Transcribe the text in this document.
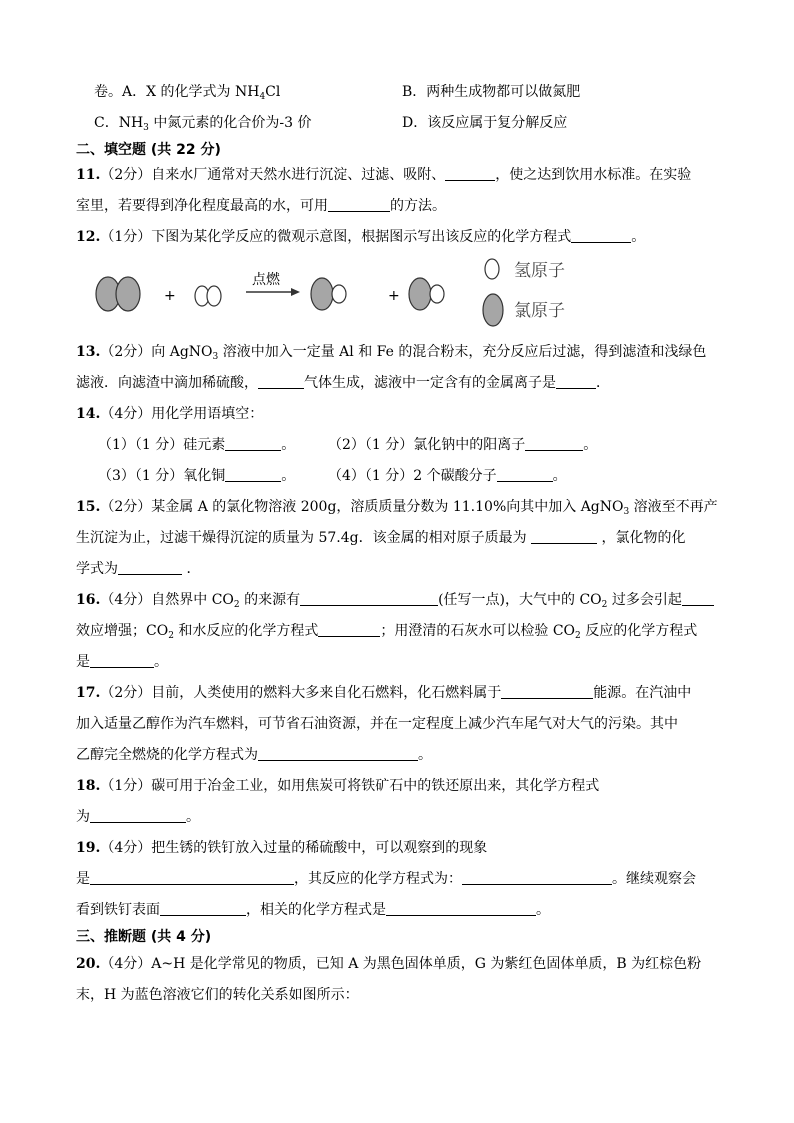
卷。A．X 的化学式为 $NH_4Cl$	B．两种生成物都可以做氮肥
C．$NH_3$ 中氮元素的化合价为-3 价	D．该反应属于复分解反应
二、填空题 (共 22 分)
11.（2分）自来水厂通常对天然水进行沉淀、过滤、吸附、	，使之达到饮用水标准。在实验
室里，若要得到净化程度最高的水，可用	的方法。
12.（1分）下图为某化学反应的微观示意图，根据图示写出该反应的化学方程式	。
+
点燃
+
氢原子
氯原子
13.（2分）向 AgNO$_3$ 溶液中加入一定量 Al 和 Fe 的混合粉末，充分反应后过滤，得到滤渣和浅绿色
滤液．向滤渣中滴加稀硫酸，	气体生成，滤液中一定含有的金属离子是	．
14.（4分）用化学用语填空：
（1）（1 分）硅元素	。 （2）（1 分）氯化钠中的阳离子	。
（3）（1 分）氧化铜	。 （4）（1 分）2 个碳酸分子	。
15.（2分）某金属 A 的氯化物溶液 200g，溶质质量分数为 11.10%向其中加入 AgNO$_3$ 溶液至不再产
生沉淀为止，过滤干燥得沉淀的质量为 57.4g．该金属的相对原子质最为	，氯化物的化
学式为	．
16.（4分）自然界中 $CO_2$ 的来源有	(任写一点)，大气中的 $CO_2$ 过多会引起
效应增强；$CO_2$ 和水反应的化学方程式	；用澄清的石灰水可以检验 $CO_2$ 反应的化学方程式
是	。
17.（2分）目前，人类使用的燃料大多来自化石燃料，化石燃料属于	能源。在汽油中
加入适量乙醇作为汽车燃料，可节省石油资源，并在一定程度上减少汽车尾气对大气的污染。其中
乙醇完全燃烧的化学方程式为	。
18.（1分）碳可用于冶金工业，如用焦炭可将铁矿石中的铁还原出来，其化学方程式
为	。
19.（4分）把生锈的铁钉放入过量的稀硫酸中，可以观察到的现象
是	，其反应的化学方程式为：	。继续观察会
看到铁钉表面	，相关的化学方程式是	。
三、推断题 (共 4 分)
20.（4分）A~H 是化学常见的物质，已知 A 为黑色固体单质，G 为紫红色固体单质，B 为红棕色粉
末，H 为蓝色溶液它们的转化关系如图所示：
